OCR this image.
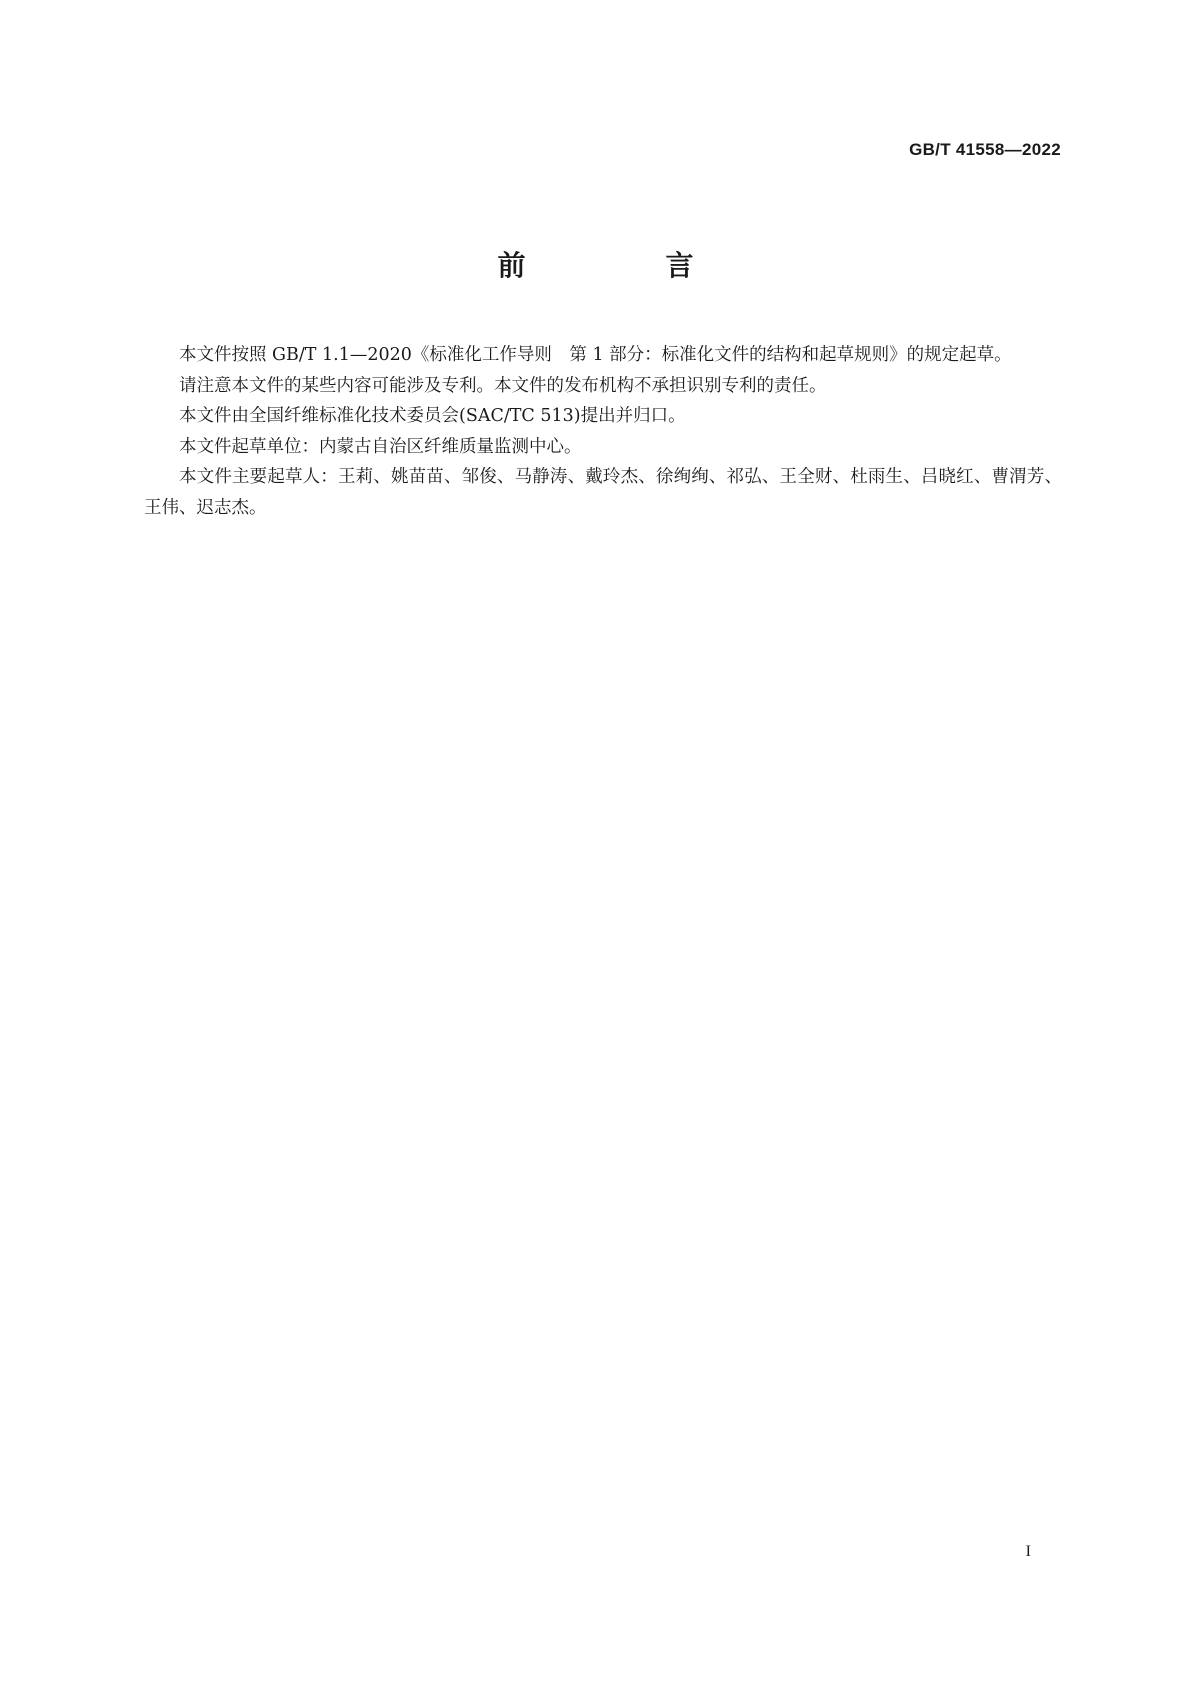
GB/T 41558—2022
前　言

本文件按照 GB/T 1.1—2020《标准化工作导则　第 1 部分：标准化文件的结构和起草规则》的规定起草。

请注意本文件的某些内容可能涉及专利。本文件的发布机构不承担识别专利的责任。

本文件由全国纤维标准化技术委员会(SAC/TC 513)提出并归口。

本文件起草单位：内蒙古自治区纤维质量监测中心。

本文件主要起草人：王莉、姚苗苗、邹俊、马静涛、戴玲杰、徐绚绚、祁弘、王全财、杜雨生、吕晓红、曹渭芳、王伟、迟志杰。

I
